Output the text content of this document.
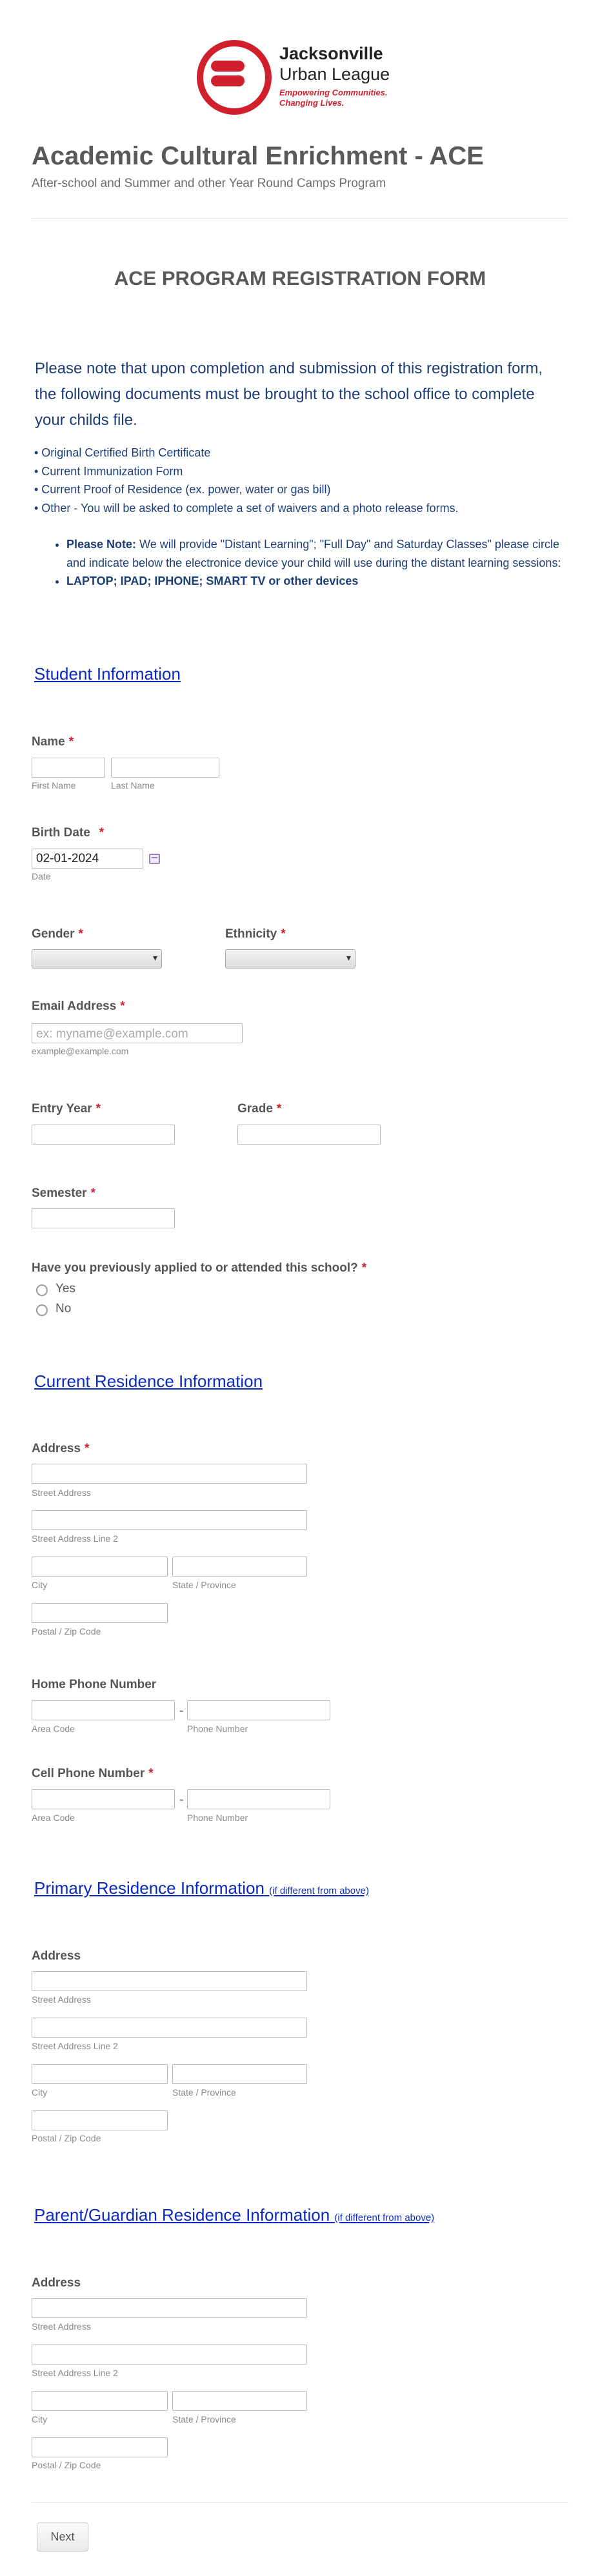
Jacksonville
Urban League
Empowering Communities.
Changing Lives.
Academic Cultural Enrichment - ACE
After-school and Summer and other Year Round Camps Program
ACE PROGRAM REGISTRATION FORM
Please note that upon completion and submission of this registration form, the following documents must be brought to the school office to complete your childs file.
• Original Certified Birth Certificate
• Current Immunization Form
• Current Proof of Residence (ex. power, water or gas bill)
• Other - You will be asked to complete a set of waivers and a photo release forms.
• Please Note: We will provide "Distant Learning"; "Full Day" and Saturday Classes" please circle and indicate below the electronice device your child will use during the distant learning sessions:
• LAPTOP; IPAD; IPHONE; SMART TV or other devices
Student Information
Name *
First Name	Last Name
Birth Date *
02-01-2024
Date
Gender *
▾
Ethnicity *
▾
Email Address *
ex: myname@example.com
example@example.com
Entry Year *	Grade *
Semester *
Have you previously applied to or attended this school? *
Yes
No
Current Residence Information
Address *
Street Address
Street Address Line 2
City	State / Province
Postal / Zip Code
Home Phone Number
-
Area Code	Phone Number
Cell Phone Number *
-
Area Code	Phone Number
Primary Residence Information (if different from above)
Address
Street Address
Street Address Line 2
City	State / Province
Postal / Zip Code
Parent/Guardian Residence Information (if different from above)
Address
Street Address
Street Address Line 2
City	State / Province
Postal / Zip Code
Next
